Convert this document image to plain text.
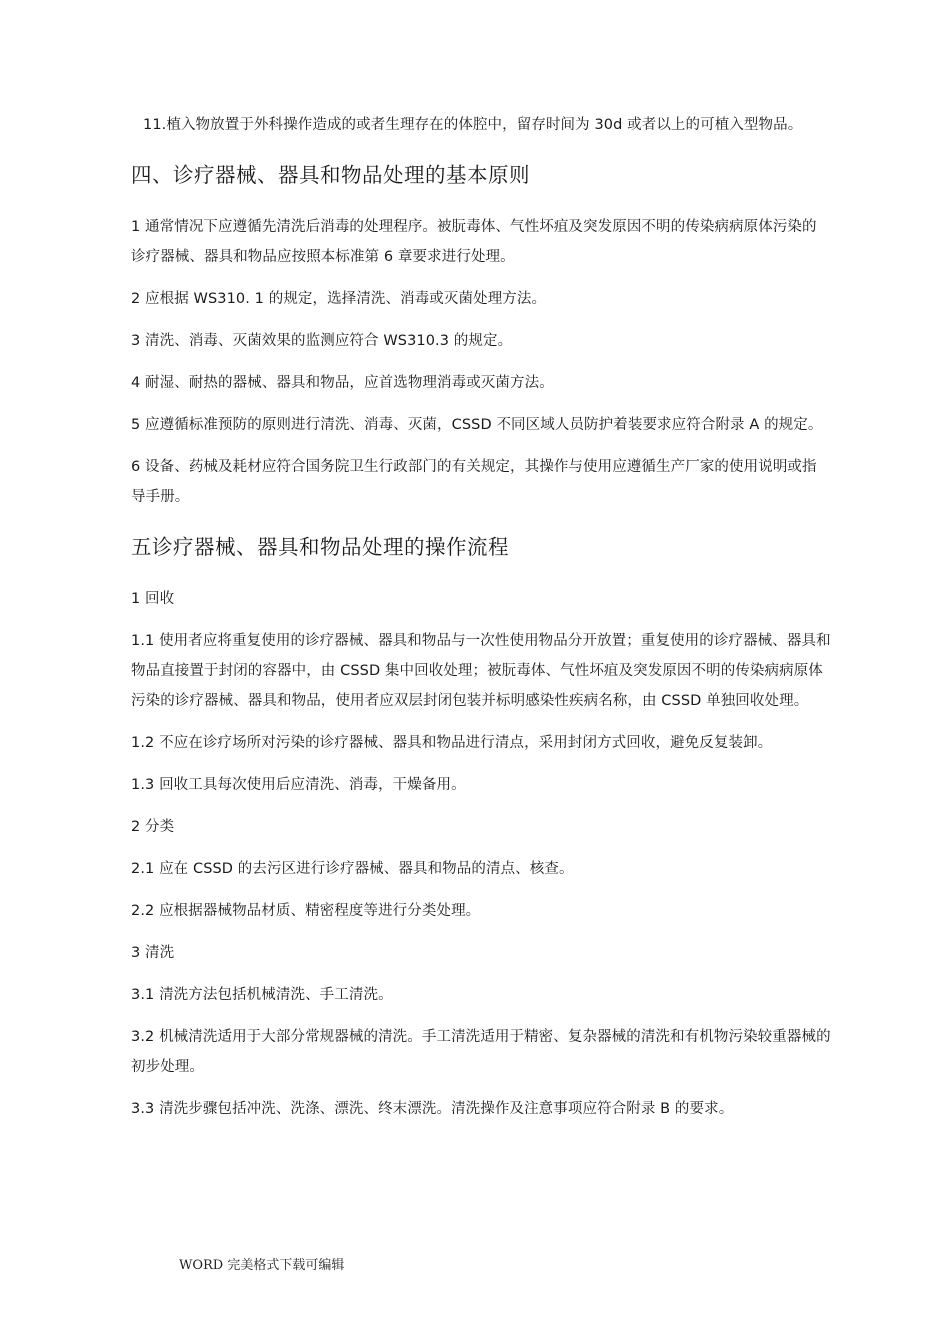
11.植入物放置于外科操作造成的或者生理存在的体腔中，留存时间为 30d 或者以上的可植入型物品。

四、诊疗器械、器具和物品处理的基本原则

1 通常情况下应遵循先清洗后消毒的处理程序。被朊毒体、气性坏疽及突发原因不明的传染病病原体污染的诊疗器械、器具和物品应按照本标准第 6 章要求进行处理。

2 应根据 WS310. 1 的规定，选择清洗、消毒或灭菌处理方法。

3 清洗、消毒、灭菌效果的监测应符合 WS310.3 的规定。

4 耐湿、耐热的器械、器具和物品，应首选物理消毒或灭菌方法。

5 应遵循标准预防的原则进行清洗、消毒、灭菌，CSSD 不同区域人员防护着装要求应符合附录 A 的规定。

6 设备、药械及耗材应符合国务院卫生行政部门的有关规定，其操作与使用应遵循生产厂家的使用说明或指导手册。

五诊疗器械、器具和物品处理的操作流程

1 回收

1.1 使用者应将重复使用的诊疗器械、器具和物品与一次性使用物品分开放置；重复使用的诊疗器械、器具和物品直接置于封闭的容器中，由 CSSD 集中回收处理；被朊毒体、气性坏疽及突发原因不明的传染病病原体污染的诊疗器械、器具和物品，使用者应双层封闭包装并标明感染性疾病名称，由 CSSD 单独回收处理。

1.2 不应在诊疗场所对污染的诊疗器械、器具和物品进行清点，采用封闭方式回收，避免反复装卸。

1.3 回收工具每次使用后应清洗、消毒，干燥备用。

2 分类

2.1 应在 CSSD 的去污区进行诊疗器械、器具和物品的清点、核查。

2.2 应根据器械物品材质、精密程度等进行分类处理。

3 清洗

3.1 清洗方法包括机械清洗、手工清洗。

3.2 机械清洗适用于大部分常规器械的清洗。手工清洗适用于精密、复杂器械的清洗和有机物污染较重器械的初步处理。

3.3 清洗步骤包括冲洗、洗涤、漂洗、终末漂洗。清洗操作及注意事项应符合附录 B 的要求。

WORD 完美格式下载可编辑
